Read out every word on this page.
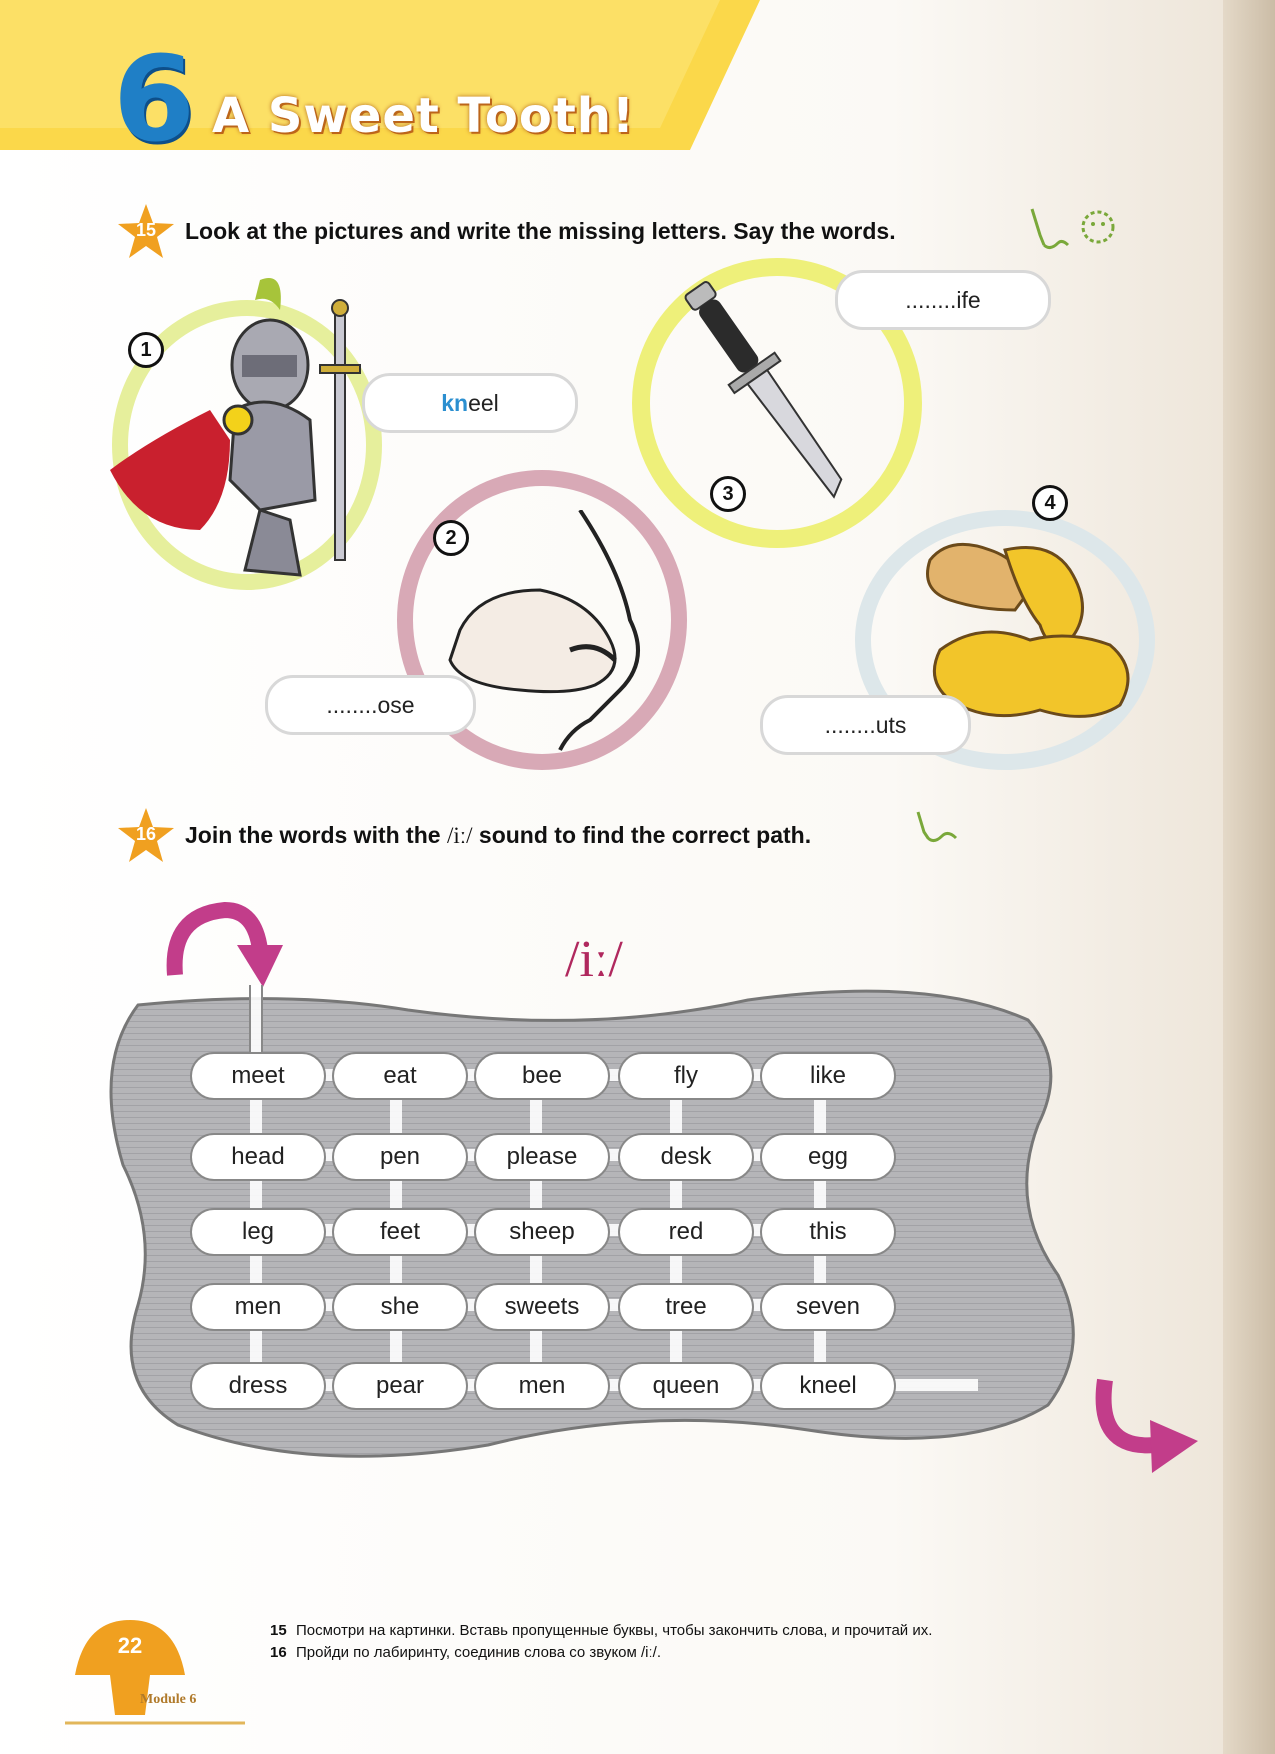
6 A Sweet Tooth!
15	Look at the pictures and write the missing letters. Say the words.
1
kneel
2
........ose
3
........ife
4
........uts
16	Join the words with the /iː/ sound to find the correct path.
/iː/
meet	eat	bee	fly	like
head	pen	please	desk	egg
leg	feet	sheep	red	this
men	she	sweets	tree	seven
dress	pear	men	queen	kneel
15 Посмотри на картинки. Вставь пропущенные буквы, чтобы закончить слова, и прочитай их.
16 Пройди по лабиринту, соединив слова со звуком /iː/.
22
Module 6
